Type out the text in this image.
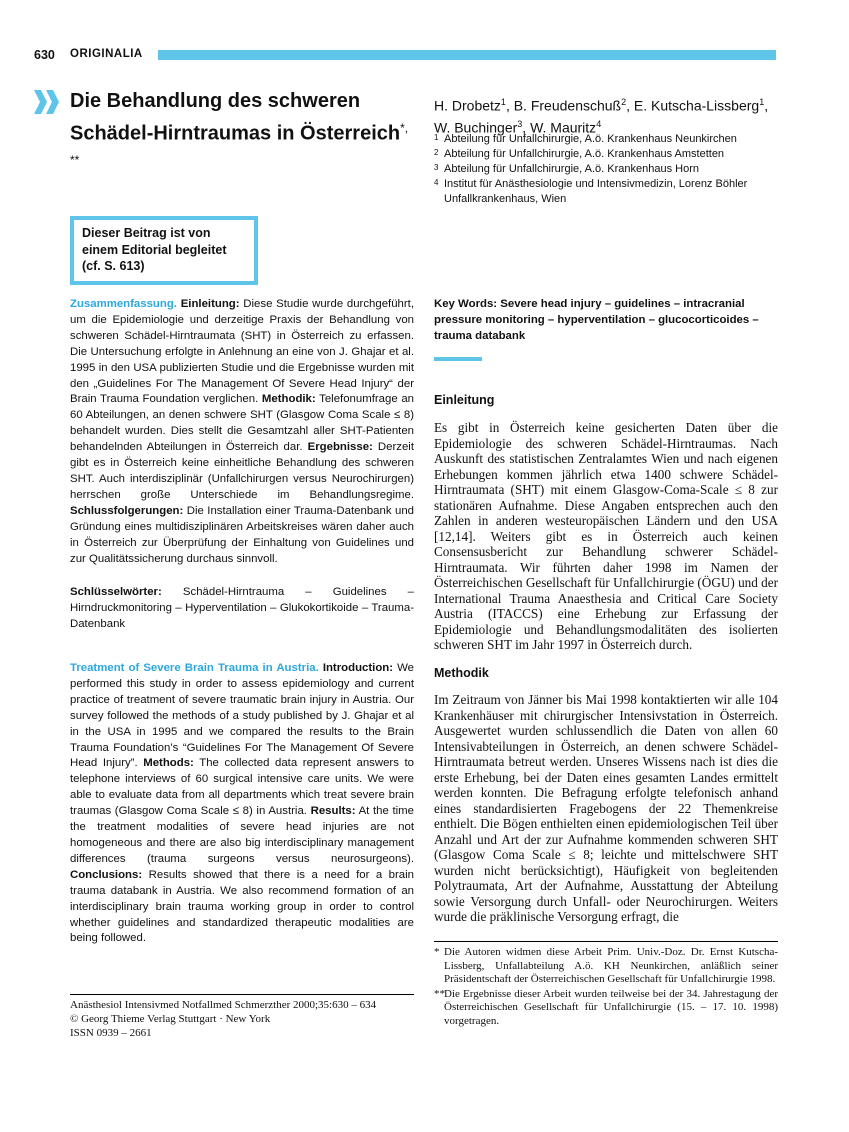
630 ORIGINALIA
Die Behandlung des schweren Schädel-Hirntraumas in Österreich*, **
H. Drobetz$^1$, B. Freudenschuß$^2$, E. Kutscha-Lissberg$^1$,
W. Buchinger$^3$, W. Mauritz$^4$
1 Abteilung für Unfallchirurgie, A.ö. Krankenhaus Neunkirchen
2 Abteilung für Unfallchirurgie, A.ö. Krankenhaus Amstetten
3 Abteilung für Unfallchirurgie, A.ö. Krankenhaus Horn
4 Institut für Anästhesiologie und Intensivmedizin, Lorenz Böhler Unfallkrankenhaus, Wien
Dieser Beitrag ist von einem Editorial begleitet (cf. S. 613)
Zusammenfassung. Einleitung: Diese Studie wurde durchgeführt, um die Epidemiologie und derzeitige Praxis der Behandlung von schweren Schädel-Hirntraumata (SHT) in Österreich zu erfassen. Die Untersuchung erfolgte in Anlehnung an eine von J. Ghajar et al. 1995 in den USA publizierten Studie und die Ergebnisse wurden mit den „Guidelines For The Management Of Severe Head Injury“ der Brain Trauma Foundation verglichen. Methodik: Telefonumfrage an 60 Abteilungen, an denen schwere SHT (Glasgow Coma Scale ≤ 8) behandelt wurden. Dies stellt die Gesamtzahl aller SHT-Patienten behandelnden Abteilungen in Österreich dar. Ergebnisse: Derzeit gibt es in Österreich keine einheitliche Behandlung des schweren SHT. Auch interdisziplinär (Unfallchirurgen versus Neurochirurgen) herrschen große Unterschiede im Behandlungsregime. Schlussfolgerungen: Die Installation einer Trauma-Datenbank und Gründung eines multidisziplinären Arbeitskreises wären daher auch in Österreich zur Überprüfung der Einhaltung von Guidelines und zur Qualitätssicherung durchaus sinnvoll.
Schlüsselwörter: Schädel-Hirntrauma – Guidelines – Hirndruckmonitoring – Hyperventilation – Glukokortikoide – Trauma-Datenbank
Treatment of Severe Brain Trauma in Austria. Introduction: We performed this study in order to assess epidemiology and current practice of treatment of severe traumatic brain injury in Austria. Our survey followed the methods of a study published by J. Ghajar et al in the USA in 1995 and we compared the results to the Brain Trauma Foundation’s “Guidelines For The Management Of Severe Head Injury”. Methods: The collected data represent answers to telephone interviews of 60 surgical intensive care units. We were able to evaluate data from all departments which treat severe brain traumas (Glasgow Coma Scale ≤ 8) in Austria. Results: At the time the treatment modalities of severe head injuries are not homogeneous and there are also big interdisciplinary management differences (trauma surgeons versus neurosurgeons). Conclusions: Results showed that there is a need for a brain trauma databank in Austria. We also recommend formation of an interdisciplinary brain trauma working group in order to control whether guidelines and standardized therapeutic modalities are being followed.
Key Words: Severe head injury – guidelines – intracranial pressure monitoring – hyperventilation – glucocorticoides – trauma databank
Einleitung
Es gibt in Österreich keine gesicherten Daten über die Epidemiologie des schweren Schädel-Hirntraumas. Nach Auskunft des statistischen Zentralamtes Wien und nach eigenen Erhebungen kommen jährlich etwa 1400 schwere Schädel-Hirntraumata (SHT) mit einem Glasgow-Coma-Scale ≤ 8 zur stationären Aufnahme. Diese Angaben entsprechen auch den Zahlen in anderen westeuropäischen Ländern und den USA [12,14]. Weiters gibt es in Österreich auch keinen Consensusbericht zur Behandlung schwerer Schädel-Hirntraumata. Wir führten daher 1998 im Namen der Österreichischen Gesellschaft für Unfallchirurgie (ÖGU) und der International Trauma Anaesthesia and Critical Care Society Austria (ITACCS) eine Erhebung zur Erfassung der Epidemiologie und Behandlungsmodalitäten des isolierten schweren SHT im Jahr 1997 in Österreich durch.
Methodik
Im Zeitraum von Jänner bis Mai 1998 kontaktierten wir alle 104 Krankenhäuser mit chirurgischer Intensivstation in Österreich. Ausgewertet wurden schlussendlich die Daten von allen 60 Intensivabteilungen in Österreich, an denen schwere Schädel-Hirntraumata betreut werden. Unseres Wissens nach ist dies die erste Erhebung, bei der Daten eines gesamten Landes ermittelt werden konnten. Die Befragung erfolgte telefonisch anhand eines standardisierten Fragebogens der 22 Themenkreise enthielt. Die Bögen enthielten einen epidemiologischen Teil über Anzahl und Art der zur Aufnahme kommenden schweren SHT (Glasgow Coma Scale ≤ 8; leichte und mittelschwere SHT wurden nicht berücksichtigt), Häufigkeit von begleitenden Polytraumata, Art der Aufnahme, Ausstattung der Abteilung sowie Versorgung durch Unfall- oder Neurochirurgen. Weiters wurde die präklinische Versorgung erfragt, die
* Die Autoren widmen diese Arbeit Prim. Univ.-Doz. Dr. Ernst Kutscha-Lissberg, Unfallabteilung A.ö. KH Neunkirchen, anläßlich seiner Präsidentschaft der Österreichischen Gesellschaft für Unfallchirurgie 1998.
** Die Ergebnisse dieser Arbeit wurden teilweise bei der 34. Jahrestagung der Österreichischen Gesellschaft für Unfallchirurgie (15. – 17. 10. 1998) vorgetragen.
Anästhesiol Intensivmed Notfallmed Schmerzther 2000;35:630 – 634
© Georg Thieme Verlag Stuttgart · New York
ISSN 0939 – 2661
